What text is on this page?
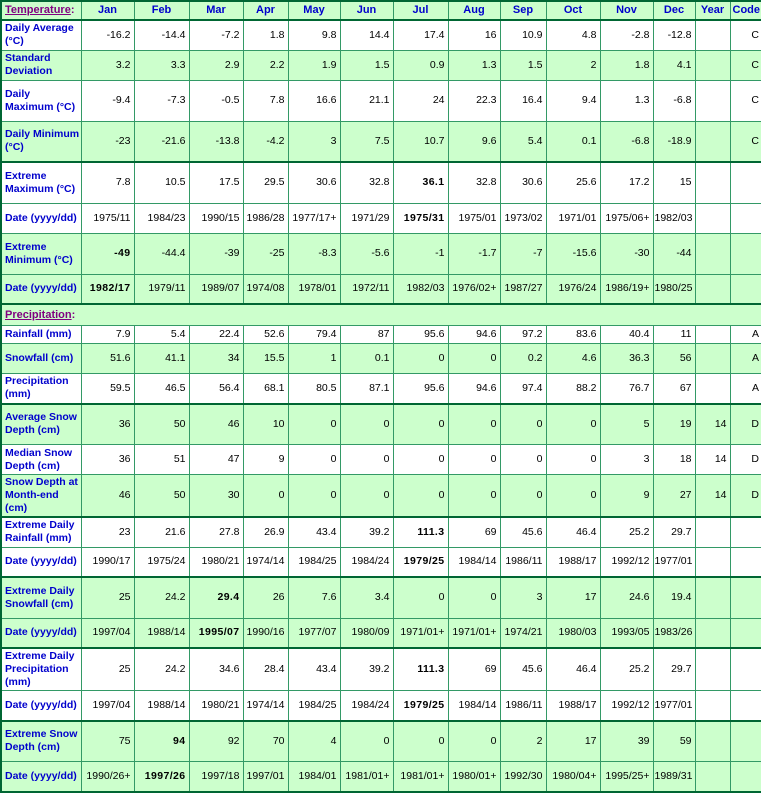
Temperature:	Jan	Feb	Mar	Apr	May	Jun	Jul	Aug	Sep	Oct	Nov	Dec	Year	Code
Daily Average (°C)	-16.2	-14.4	-7.2	1.8	9.8	14.4	17.4	16	10.9	4.8	-2.8	-12.8		C
Standard Deviation	3.2	3.3	2.9	2.2	1.9	1.5	0.9	1.3	1.5	2	1.8	4.1		C
Daily Maximum (°C)	-9.4	-7.3	-0.5	7.8	16.6	21.1	24	22.3	16.4	9.4	1.3	-6.8		C
Daily Minimum (°C)	-23	-21.6	-13.8	-4.2	3	7.5	10.7	9.6	5.4	0.1	-6.8	-18.9		C
Extreme Maximum (°C)	7.8	10.5	17.5	29.5	30.6	32.8	36.1	32.8	30.6	25.6	17.2	15		
Date (yyyy/dd)	1975/11	1984/23	1990/15	1986/28	1977/17+	1971/29	1975/31	1975/01	1973/02	1971/01	1975/06+	1982/03		
Extreme Minimum (°C)	-49	-44.4	-39	-25	-8.3	-5.6	-1	-1.7	-7	-15.6	-30	-44		
Date (yyyy/dd)	1982/17	1979/11	1989/07	1974/08	1978/01	1972/11	1982/03	1976/02+	1987/27	1976/24	1986/19+	1980/25		
Precipitation:														
Rainfall (mm)	7.9	5.4	22.4	52.6	79.4	87	95.6	94.6	97.2	83.6	40.4	11		A
Snowfall (cm)	51.6	41.1	34	15.5	1	0.1	0	0	0.2	4.6	36.3	56		A
Precipitation (mm)	59.5	46.5	56.4	68.1	80.5	87.1	95.6	94.6	97.4	88.2	76.7	67		A
Average Snow Depth (cm)	36	50	46	10	0	0	0	0	0	0	5	19	14	D
Median Snow Depth (cm)	36	51	47	9	0	0	0	0	0	0	3	18	14	D
Snow Depth at Month-end (cm)	46	50	30	0	0	0	0	0	0	0	9	27	14	D
Extreme Daily Rainfall (mm)	23	21.6	27.8	26.9	43.4	39.2	111.3	69	45.6	46.4	25.2	29.7		
Date (yyyy/dd)	1990/17	1975/24	1980/21	1974/14	1984/25	1984/24	1979/25	1984/14	1986/11	1988/17	1992/12	1977/01		
Extreme Daily Snowfall (cm)	25	24.2	29.4	26	7.6	3.4	0	0	3	17	24.6	19.4		
Date (yyyy/dd)	1997/04	1988/14	1995/07	1990/16	1977/07	1980/09	1971/01+	1971/01+	1974/21	1980/03	1993/05	1983/26		
Extreme Daily Precipitation (mm)	25	24.2	34.6	28.4	43.4	39.2	111.3	69	45.6	46.4	25.2	29.7		
Date (yyyy/dd)	1997/04	1988/14	1980/21	1974/14	1984/25	1984/24	1979/25	1984/14	1986/11	1988/17	1992/12	1977/01		
Extreme Snow Depth (cm)	75	94	92	70	4	0	0	0	2	17	39	59		
Date (yyyy/dd)	1990/26+	1997/26	1997/18	1997/01	1984/01	1981/01+	1981/01+	1980/01+	1992/30	1980/04+	1995/25+	1989/31		
